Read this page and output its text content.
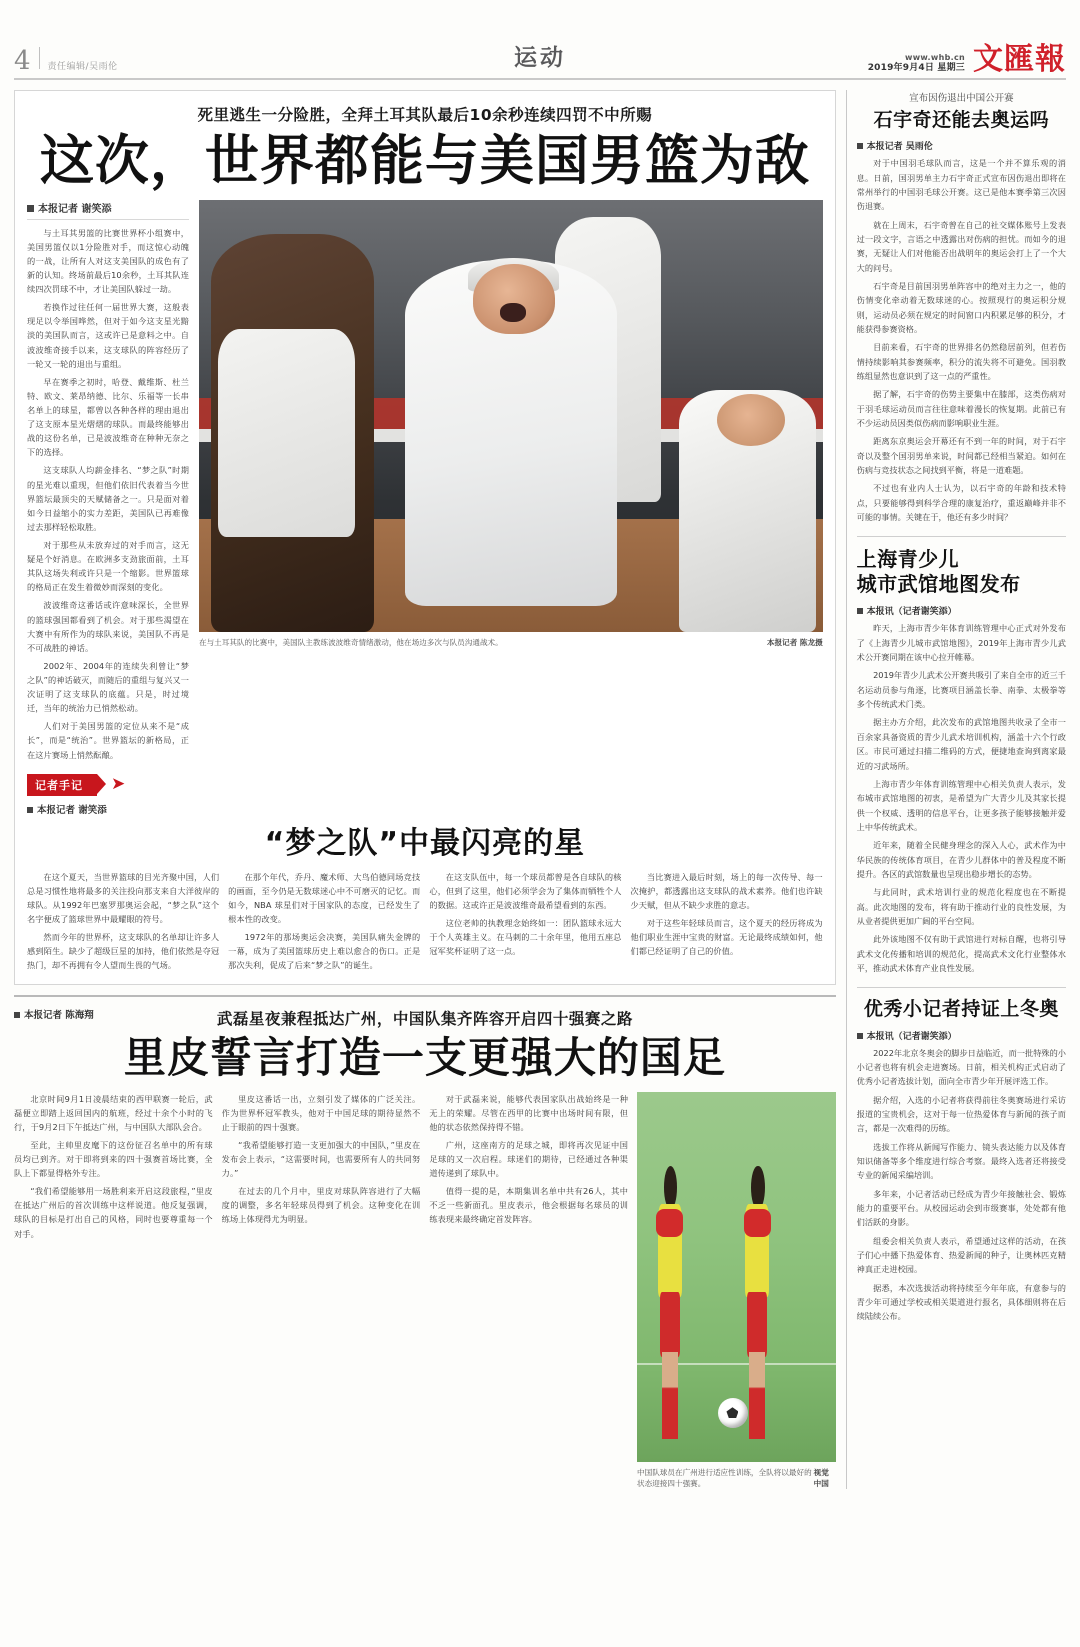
4 责任编辑/吴雨伦	运动	www.whb.cn
2019年9月4日 星期三 文匯報
死里逃生一分险胜，全拜土耳其队最后10余秒连续四罚不中所赐
这次，世界都能与美国男篮为敌
本报记者 谢笑添

与土耳其男篮的比赛世界杯小组赛中，美国男篮仅以1分险胜对手，而这惊心动魄的一战，让所有人对这支美国队的成色有了新的认知。终场前最后10余秒，土耳其队连续四次罚球不中，才让美国队躲过一劫。

若换作过往任何一届世界大赛，这般表现足以令举国哗然，但对于如今这支星光黯淡的美国队而言，这或许已是意料之中。自波波维奇接手以来，这支球队的阵容经历了一轮又一轮的退出与重组。

早在赛季之初时，哈登、戴维斯、杜兰特、欧文、莱昂纳德、比尔、乐福等一长串名单上的球星，都曾以各种各样的理由退出了这支原本星光熠熠的球队。而最终能够出战的这份名单，已是波波维奇在种种无奈之下的选择。

这支球队人均薪金排名、“梦之队”时期的星光难以重现，但他们依旧代表着当今世界篮坛最顶尖的天赋储备之一。只是面对着如今日益缩小的实力差距，美国队已再难像过去那样轻松取胜。

对于那些从未放弃过的对手而言，这无疑是个好消息。在欧洲多支劲旅面前，土耳其队这场失利或许只是一个缩影。世界篮球的格局正在发生着微妙而深刻的变化。

波波维奇这番话或许意味深长，全世界的篮球强国都看到了机会。对于那些渴望在大赛中有所作为的球队来说，美国队不再是不可战胜的神话。

2002年、2004年的连续失利曾让“梦之队”的神话破灭，而随后的重组与复兴又一次证明了这支球队的底蕴。只是，时过境迁，当年的统治力已悄然松动。

人们对于美国男篮的定位从来不是“成长”，而是“统治”。世界篮坛的新格局，正在这片赛场上悄然酝酿。

在与土耳其队的比赛中，美国队主教练波波维奇情绪激动，他在场边多次与队员沟通战术。	本报记者 陈龙摄
记者手记	➤
本报记者 谢笑添
“梦之队”中最闪亮的星

在这个夏天，当世界篮球的目光齐聚中国，人们总是习惯性地将最多的关注投向那支来自大洋彼岸的球队。从1992年巴塞罗那奥运会起，“梦之队”这个名字便成了篮球世界中最耀眼的符号。

然而今年的世界杯，这支球队的名单却让许多人感到陌生。缺少了超级巨星的加持，他们依然是夺冠热门，却不再拥有令人望而生畏的气场。

在那个年代，乔丹、魔术师、大鸟伯德同场竞技的画面，至今仍是无数球迷心中不可磨灭的记忆。而如今，NBA 球星们对于国家队的态度，已经发生了根本性的改变。

1972年的那场奥运会决赛，美国队痛失金牌的一幕，成为了美国篮球历史上难以愈合的伤口。正是那次失利，促成了后来“梦之队”的诞生。

在这支队伍中，每一个球员都曾是各自球队的核心，但到了这里，他们必须学会为了集体而牺牲个人的数据。这或许正是波波维奇最希望看到的东西。

这位老帅的执教理念始终如一：团队篮球永远大于个人英雄主义。在马刺的二十余年里，他用五座总冠军奖杯证明了这一点。

当比赛进入最后时刻，场上的每一次传导、每一次掩护，都透露出这支球队的战术素养。他们也许缺少天赋，但从不缺少求胜的意志。

对于这些年轻球员而言，这个夏天的经历将成为他们职业生涯中宝贵的财富。无论最终成绩如何，他们都已经证明了自己的价值。

本报记者 陈海翔	武磊星夜兼程抵达广州，中国队集齐阵容开启四十强赛之路
里皮誓言打造一支更强大的国足

北京时间9月1日凌晨结束的西甲联赛一轮后，武磊便立即踏上返回国内的航班，经过十余个小时的飞行，于9月2日下午抵达广州，与中国队大部队会合。

至此，主帅里皮麾下的这份征召名单中的所有球员均已到齐。对于即将到来的四十强赛首场比赛，全队上下都显得格外专注。

“我们希望能够用一场胜利来开启这段旅程，”里皮在抵达广州后的首次训练中这样说道。他反复强调，球队的目标是打出自己的风格，同时也要尊重每一个对手。

里皮这番话一出，立刻引发了媒体的广泛关注。作为世界杯冠军教头，他对于中国足球的期待显然不止于眼前的四十强赛。

“我希望能够打造一支更加强大的中国队，”里皮在发布会上表示，“这需要时间，也需要所有人的共同努力。”

在过去的几个月中，里皮对球队阵容进行了大幅度的调整，多名年轻球员得到了机会。这种变化在训练场上体现得尤为明显。

对于武磊来说，能够代表国家队出战始终是一种无上的荣耀。尽管在西甲的比赛中出场时间有限，但他的状态依然保持得不错。

广州，这座南方的足球之城，即将再次见证中国足球的又一次启程。球迷们的期待，已经通过各种渠道传递到了球队中。

值得一提的是，本期集训名单中共有26人，其中不乏一些新面孔。里皮表示，他会根据每名球员的训练表现来最终确定首发阵容。

中国队球员在广州进行适应性训练，全队将以最好的状态迎接四十强赛。
视觉中国
宣布因伤退出中国公开赛
石宇奇还能去奥运吗
本报记者 吴雨伦

对于中国羽毛球队而言，这是一个并不算乐观的消息。日前，国羽男单主力石宇奇正式宣布因伤退出即将在常州举行的中国羽毛球公开赛。这已是他本赛季第三次因伤退赛。

就在上周末，石宇奇曾在自己的社交媒体账号上发表过一段文字，言语之中透露出对伤病的担忧。而如今的退赛，无疑让人们对他能否出战明年的奥运会打上了一个大大的问号。

石宇奇是目前国羽男单阵容中的绝对主力之一，他的伤情变化牵动着无数球迷的心。按照现行的奥运积分规则，运动员必须在规定的时间窗口内积累足够的积分，才能获得参赛资格。

目前来看，石宇奇的世界排名仍然稳居前列，但若伤情持续影响其参赛频率，积分的流失将不可避免。国羽教练组显然也意识到了这一点的严重性。

据了解，石宇奇的伤势主要集中在膝部，这类伤病对于羽毛球运动员而言往往意味着漫长的恢复期。此前已有不少运动员因类似伤病而影响职业生涯。

距离东京奥运会开幕还有不到一年的时间，对于石宇奇以及整个国羽男单来说，时间都已经相当紧迫。如何在伤病与竞技状态之间找到平衡，将是一道难题。

不过也有业内人士认为，以石宇奇的年龄和技术特点，只要能够得到科学合理的康复治疗，重返巅峰并非不可能的事情。关键在于，他还有多少时间？

上海青少儿
城市武馆地图发布
本报讯（记者谢笑添）

昨天，上海市青少年体育训练管理中心正式对外发布了《上海青少儿城市武馆地图》，2019年上海市青少儿武术公开赛同期在该中心拉开帷幕。

2019年青少儿武术公开赛共吸引了来自全市的近三千名运动员参与角逐，比赛项目涵盖长拳、南拳、太极拳等多个传统武术门类。

据主办方介绍，此次发布的武馆地图共收录了全市一百余家具备资质的青少儿武术培训机构，涵盖十六个行政区。市民可通过扫描二维码的方式，便捷地查询到离家最近的习武场所。

上海市青少年体育训练管理中心相关负责人表示，发布城市武馆地图的初衷，是希望为广大青少儿及其家长提供一个权威、透明的信息平台，让更多孩子能够接触并爱上中华传统武术。

近年来，随着全民健身理念的深入人心，武术作为中华民族的传统体育项目，在青少儿群体中的普及程度不断提升。各区的武馆数量也呈现出稳步增长的态势。

与此同时，武术培训行业的规范化程度也在不断提高。此次地图的发布，将有助于推动行业的良性发展，为从业者提供更加广阔的平台空间。

此外该地图不仅有助于武馆进行对标自醒，也将引导武术文化传播和培训的规范化，提高武术文化行业整体水平，推动武术体育产业良性发展。

优秀小记者持证上冬奥
本报讯（记者谢笑添）

2022年北京冬奥会的脚步日益临近，而一批特殊的小小记者也将有机会走进赛场。日前，相关机构正式启动了优秀小记者选拔计划，面向全市青少年开展评选工作。

据介绍，入选的小记者将获得前往冬奥赛场进行采访报道的宝贵机会，这对于每一位热爱体育与新闻的孩子而言，都是一次难得的历练。

选拔工作将从新闻写作能力、镜头表达能力以及体育知识储备等多个维度进行综合考察。最终入选者还将接受专业的新闻采编培训。

多年来，小记者活动已经成为青少年接触社会、锻炼能力的重要平台。从校园运动会到市级赛事，处处都有他们活跃的身影。

组委会相关负责人表示，希望通过这样的活动，在孩子们心中播下热爱体育、热爱新闻的种子，让奥林匹克精神真正走进校园。

据悉，本次选拔活动将持续至今年年底，有意参与的青少年可通过学校或相关渠道进行报名，具体细则将在后续陆续公布。
